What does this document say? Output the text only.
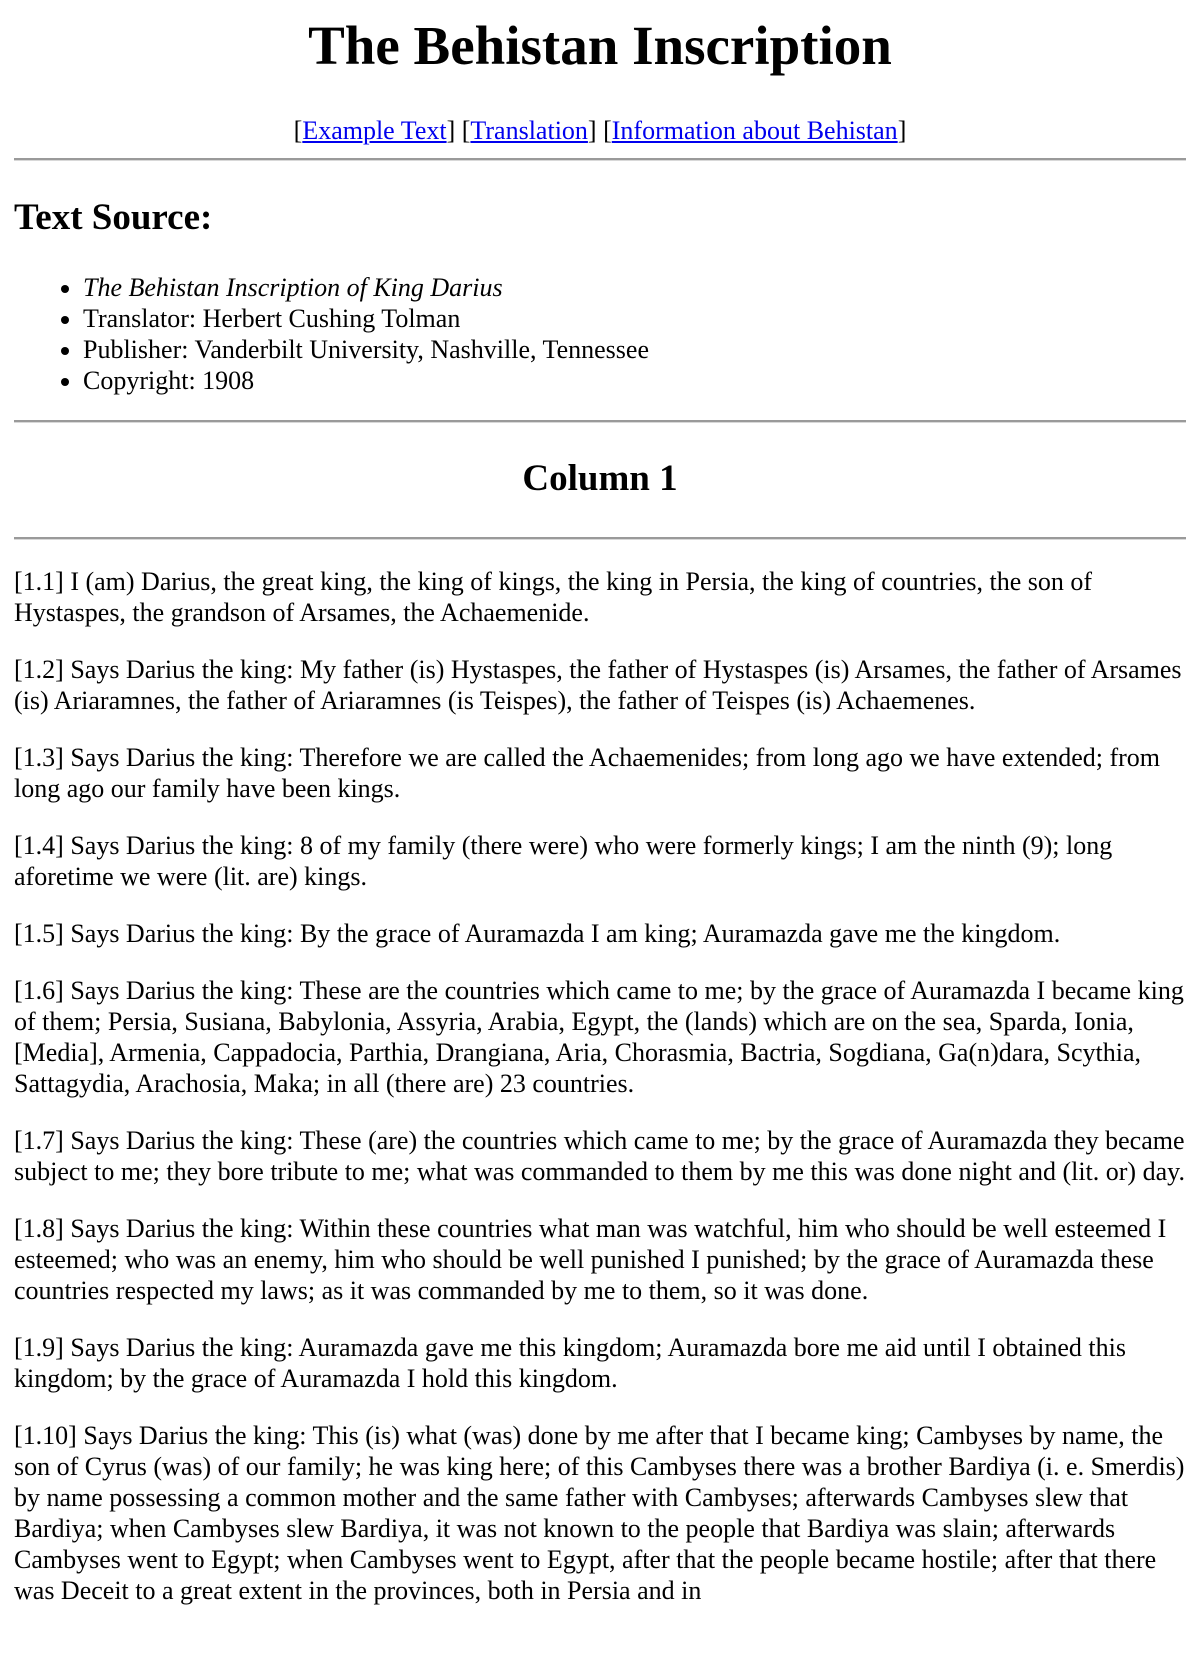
The Behistan Inscription
[Example Text] [Translation] [Information about Behistan]
Text Source:
• The Behistan Inscription of King Darius
• Translator: Herbert Cushing Tolman
• Publisher: Vanderbilt University, Nashville, Tennessee
• Copyright: 1908
Column 1

[1.1] I (am) Darius, the great king, the king of kings, the king in Persia, the king of countries, the son of Hystaspes, the grandson of Arsames, the Achaemenide.

[1.2] Says Darius the king: My father (is) Hystaspes, the father of Hystaspes (is) Arsames, the father of Arsames (is) Ariaramnes, the father of Ariaramnes (is Teispes), the father of Teispes (is) Achaemenes.

[1.3] Says Darius the king: Therefore we are called the Achaemenides; from long ago we have extended; from long ago our family have been kings.

[1.4] Says Darius the king: 8 of my family (there were) who were formerly kings; I am the ninth (9); long aforetime we were (lit. are) kings.

[1.5] Says Darius the king: By the grace of Auramazda I am king; Auramazda gave me the kingdom.

[1.6] Says Darius the king: These are the countries which came to me; by the grace of Auramazda I became king of them; Persia, Susiana, Babylonia, Assyria, Arabia, Egypt, the (lands) which are on the sea, Sparda, Ionia, [Media], Armenia, Cappadocia, Parthia, Drangiana, Aria, Chorasmia, Bactria, Sogdiana, Ga(n)dara, Scythia, Sattagydia, Arachosia, Maka; in all (there are) 23 countries.

[1.7] Says Darius the king: These (are) the countries which came to me; by the grace of Auramazda they became subject to me; they bore tribute to me; what was commanded to them by me this was done night and (lit. or) day.

[1.8] Says Darius the king: Within these countries what man was watchful, him who should be well esteemed I esteemed; who was an enemy, him who should be well punished I punished; by the grace of Auramazda these countries respected my laws; as it was commanded by me to them, so it was done.

[1.9] Says Darius the king: Auramazda gave me this kingdom; Auramazda bore me aid until I obtained this kingdom; by the grace of Auramazda I hold this kingdom.

[1.10] Says Darius the king: This (is) what (was) done by me after that I became king; Cambyses by name, the son of Cyrus (was) of our family; he was king here; of this Cambyses there was a brother Bardiya (i. e. Smerdis) by name possessing a common mother and the same father with Cambyses; afterwards Cambyses slew that Bardiya; when Cambyses slew Bardiya, it was not known to the people that Bardiya was slain; afterwards Cambyses went to Egypt; when Cambyses went to Egypt, after that the people became hostile; after that there was Deceit to a great extent in the provinces, both in Persia and in
